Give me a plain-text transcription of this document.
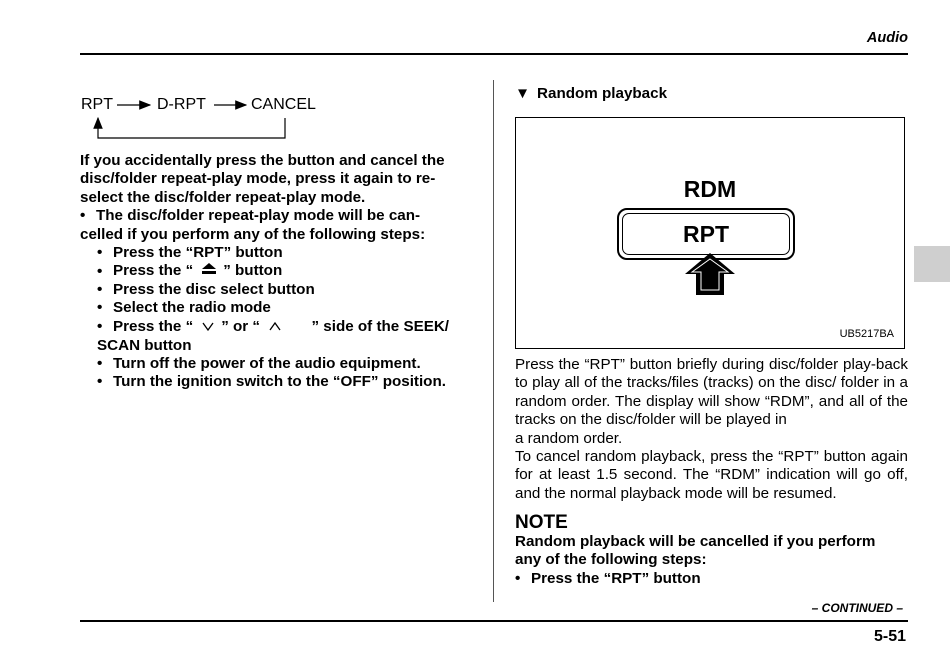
Audio
RPT	D-RPT	CANCEL

If you accidentally press the button and cancel the

disc/folder repeat-play mode, press it again to re-

select the disc/folder repeat-play mode.

• The disc/folder repeat-play mode will be can-

celled if you perform any of the following steps:

• Press the “RPT” button
• Press the “ ” button
• Press the disc select button
• Select the radio mode
• Press the “ ” or “	” side of the SEEK/
SCAN button
• Turn off the power of the audio equipment.
• Turn the ignition switch to the “OFF” position.
▼ Random playback
RDM
RPT
UB5217BA

Press the “RPT” button briefly during disc/folder play-back to play all of the tracks/files (tracks) on the disc/ folder in a random order. The display will show “RDM”, and all of the tracks on the disc/folder will be played in

a random order.

To cancel random playback, press the “RPT” button again for at least 1.5 second. The “RDM” indication will go off, and the normal playback mode will be resumed.

NOTE

Random playback will be cancelled if you perform

any of the following steps:

• Press the “RPT” button

– CONTINUED –
5-51
